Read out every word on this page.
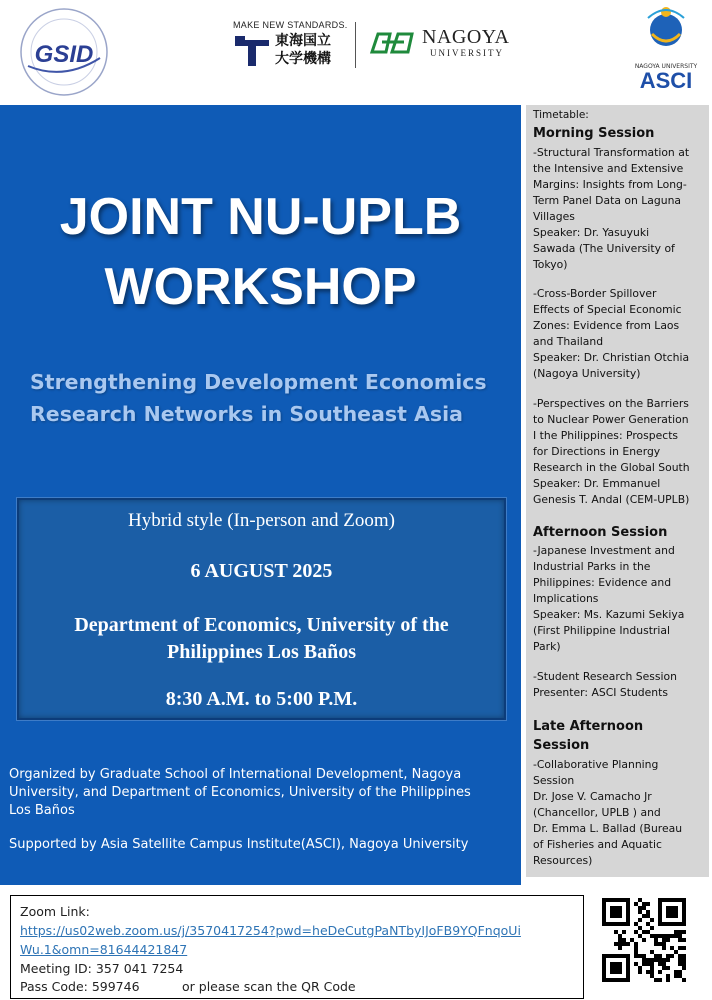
GSID
MAKE NEW STANDARDS.
東海国立
大学機構
NAGOYA
UNIVERSITY
NAGOYA UNIVERSITY
ASCI
JOINT NU-UPLB
WORKSHOP
Strengthening Development Economics
Research Networks in Southeast Asia
Hybrid style (In-person and Zoom)
6 AUGUST 2025
Department of Economics, University of the
Philippines Los Baños
8:30 A.M. to 5:00 P.M.
Organized by Graduate School of International Development, Nagoya
University, and Department of Economics, University of the Philippines
Los Baños
Supported by Asia Satellite Campus Institute(ASCI), Nagoya University
Timetable:
Morning Session
-Structural Transformation at
the Intensive and Extensive
Margins: Insights from Long-
Term Panel Data on Laguna
Villages
Speaker: Dr. Yasuyuki
Sawada (The University of
Tokyo)
-Cross-Border Spillover
Effects of Special Economic
Zones: Evidence from Laos
and Thailand
Speaker: Dr. Christian Otchia
(Nagoya University)
-Perspectives on the Barriers
to Nuclear Power Generation
I the Philippines: Prospects
for Directions in Energy
Research in the Global South
Speaker: Dr. Emmanuel
Genesis T. Andal (CEM-UPLB)
Afternoon Session
-Japanese Investment and
Industrial Parks in the
Philippines: Evidence and
Implications
Speaker: Ms. Kazumi Sekiya
(First Philippine Industrial
Park)
-Student Research Session
Presenter: ASCI Students
Late Afternoon
Session
-Collaborative Planning
Session
Dr. Jose V. Camacho Jr
(Chancellor, UPLB ) and
Dr. Emma L. Ballad (Bureau
of Fisheries and Aquatic
Resources)
Zoom Link:
https://us02web.zoom.us/j/3570417254?pwd=heDeCutgPaNTbyIJoFB9YQFnqoUi
Wu.1&omn=81644421847
Meeting ID: 357 041 7254
Pass Code: 599746	or please scan the QR Code
